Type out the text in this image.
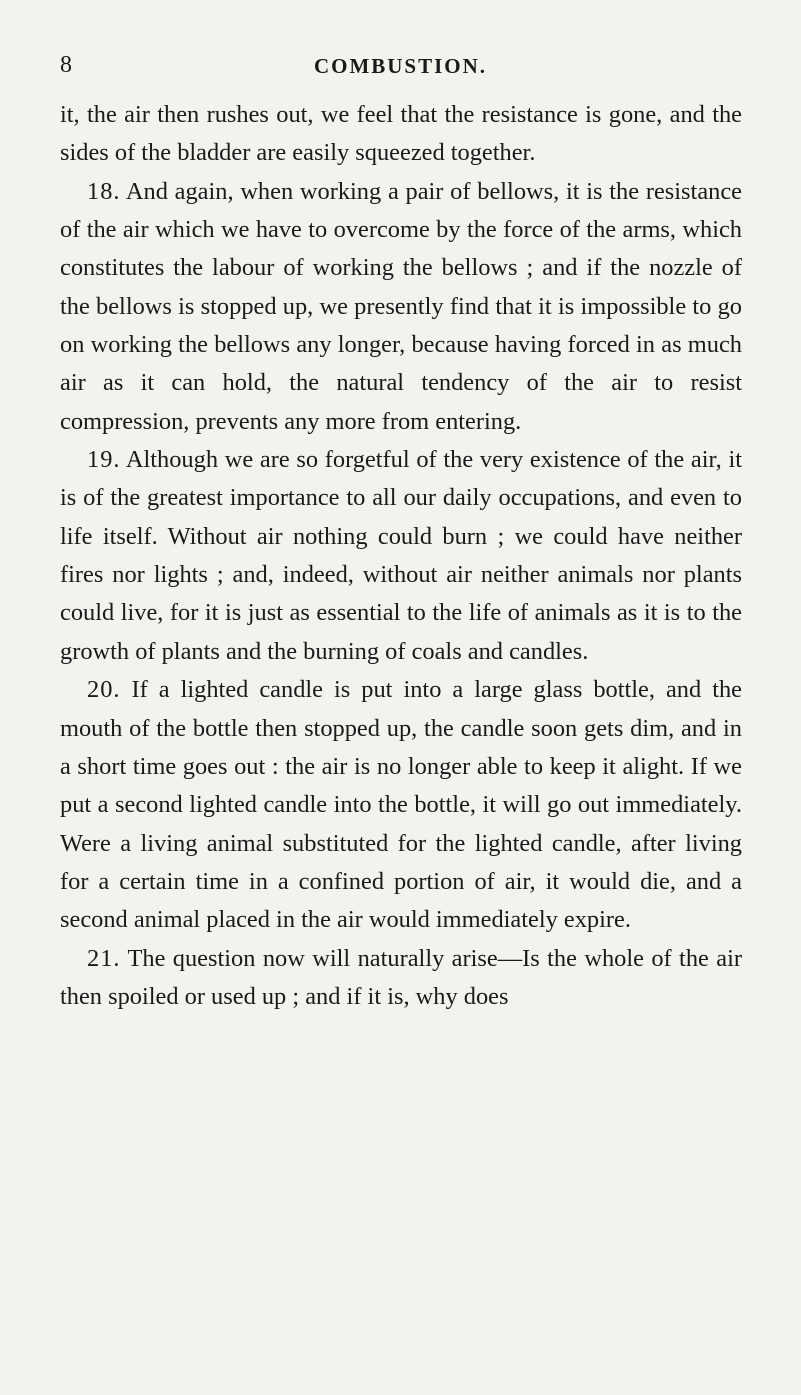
8	COMBUSTION.

it, the air then rushes out, we feel that the resistance is gone, and the sides of the bladder are easily squeezed together.

18. And again, when working a pair of bellows, it is the resistance of the air which we have to overcome by the force of the arms, which constitutes the labour of working the bellows ; and if the nozzle of the bellows is stopped up, we presently find that it is impossible to go on working the bellows any longer, because having forced in as much air as it can hold, the natural tendency of the air to resist compression, prevents any more from entering.

19. Although we are so forgetful of the very existence of the air, it is of the greatest importance to all our daily occupations, and even to life itself. Without air nothing could burn ; we could have neither fires nor lights ; and, indeed, without air neither animals nor plants could live, for it is just as essential to the life of animals as it is to the growth of plants and the burning of coals and candles.

20. If a lighted candle is put into a large glass bottle, and the mouth of the bottle then stopped up, the candle soon gets dim, and in a short time goes out : the air is no longer able to keep it alight. If we put a second lighted candle into the bottle, it will go out immediately. Were a living animal substituted for the lighted candle, after living for a certain time in a confined portion of air, it would die, and a second animal placed in the air would immediately expire.

21. The question now will naturally arise—Is the whole of the air then spoiled or used up ; and if it is, why does
